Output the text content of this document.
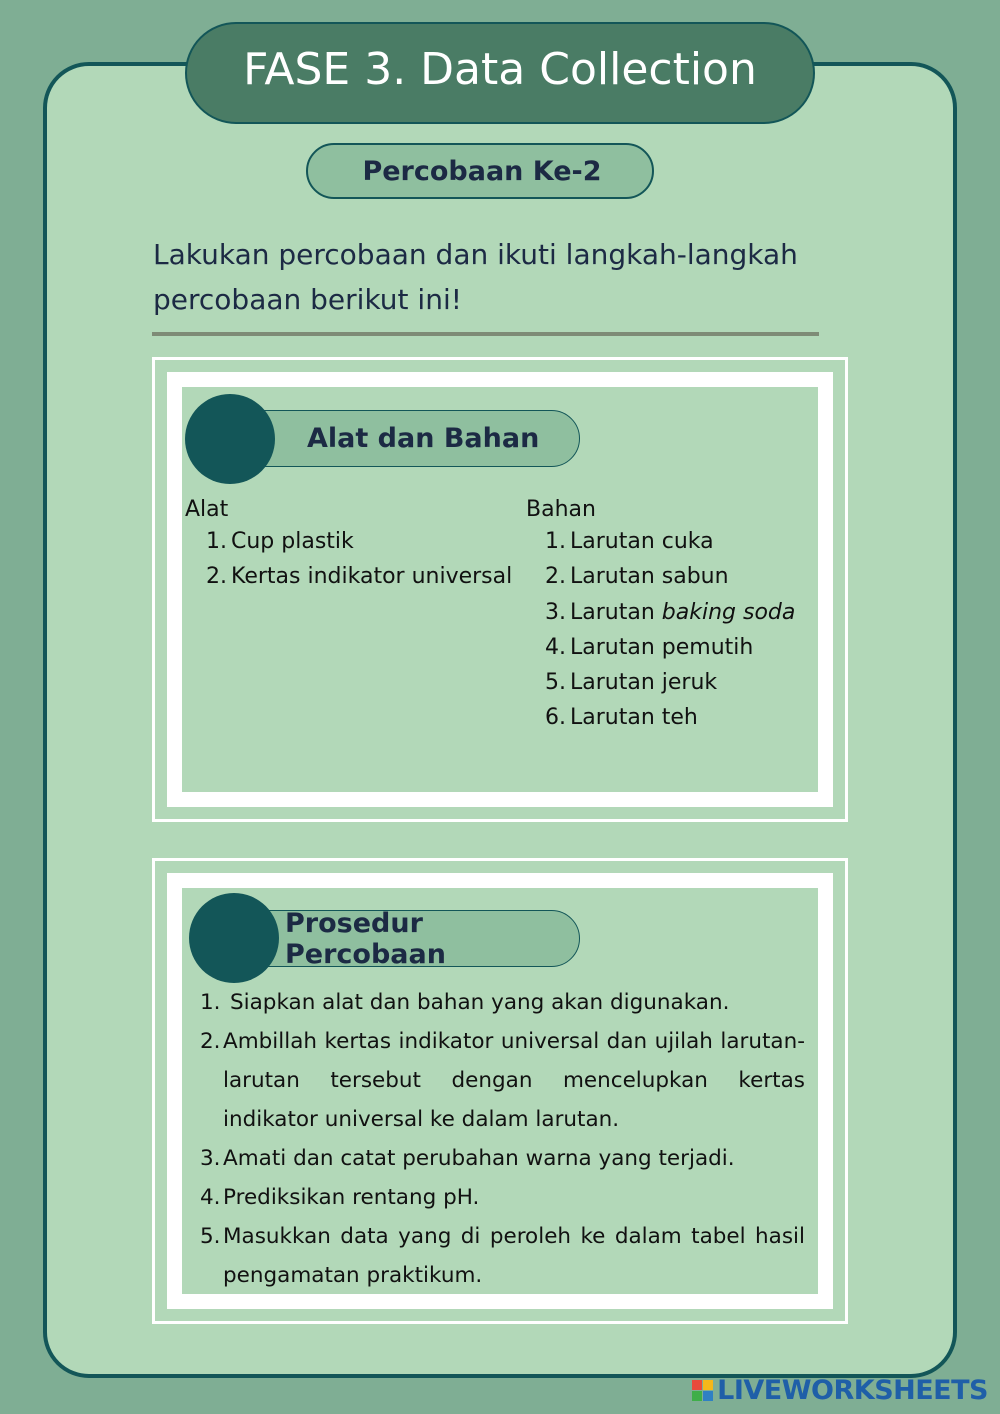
FASE 3. Data Collection
Percobaan Ke-2

Lakukan percobaan dan ikuti langkah-langkah percobaan berikut ini!

Alat dan Bahan
Alat
1. Cup plastik
2. Kertas indikator universal
Bahan
1. Larutan cuka
2. Larutan sabun
3. Larutan baking soda
4. Larutan pemutih
5. Larutan jeruk
6. Larutan teh
Prosedur Percobaan
1. Siapkan alat dan bahan yang akan digunakan.
2. Ambillah kertas indikator universal dan ujilah larutan-larutan tersebut dengan mencelupkan kertas indikator universal ke dalam larutan.
3. Amati dan catat perubahan warna yang terjadi.
4. Prediksikan rentang pH.
5. Masukkan data yang di peroleh ke dalam tabel hasil pengamatan praktikum.
LIVEWORKSHEETS
